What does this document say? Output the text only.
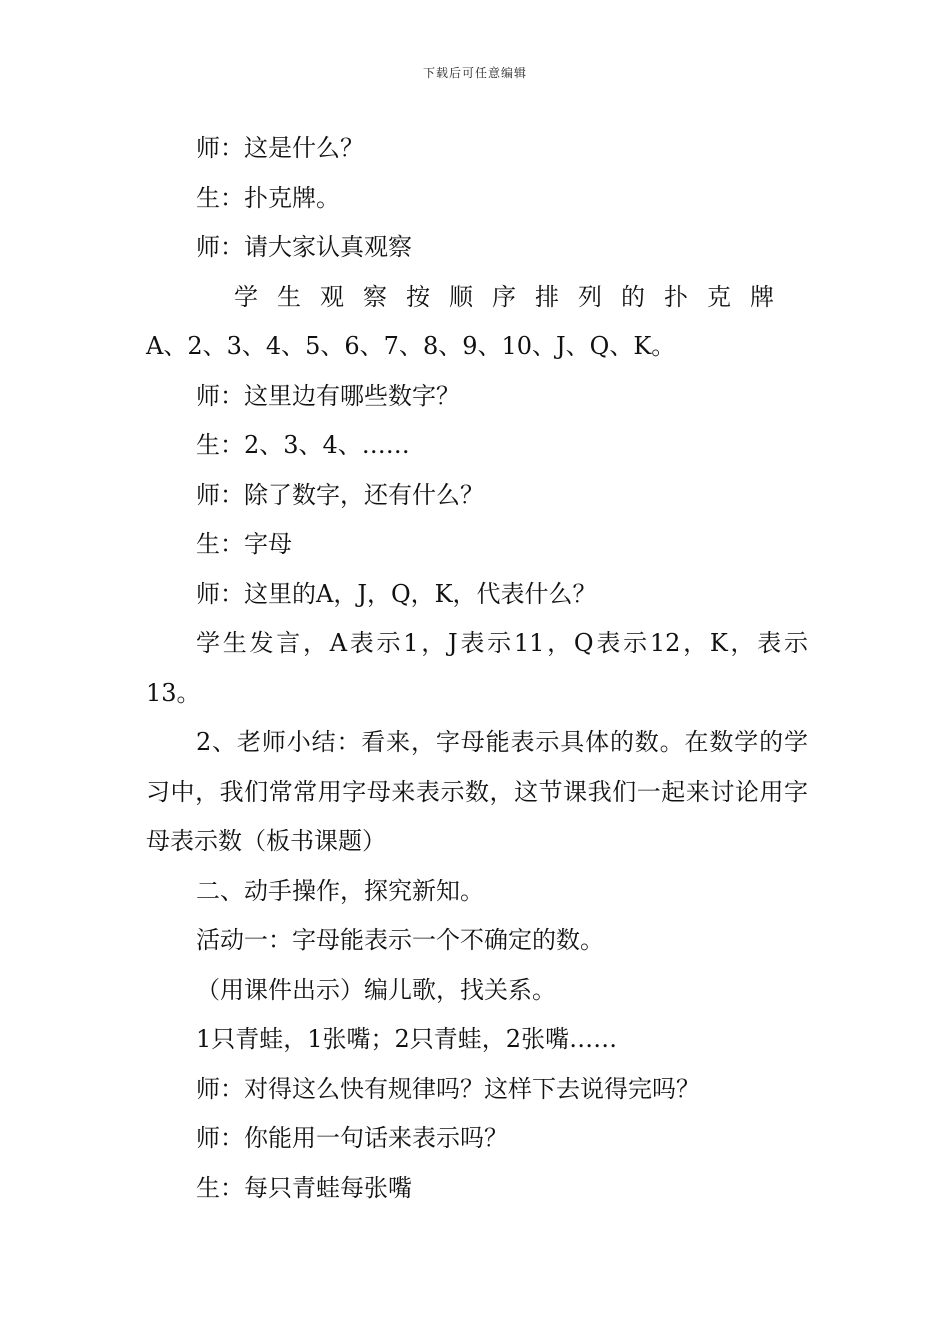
下载后可任意编辑

师：这是什么？

生：扑克牌。

师：请大家认真观察

学生观察按顺序排列的扑克牌

A、2、3、4、5、6、7、8、9、10、J、Q、K。

师：这里边有哪些数字？

生：2、3、4、……

师：除了数字，还有什么？

生：字母

师：这里的A，J，Q，K，代表什么？

学生发言，A表示1，J表示11，Q表示12，K，表示

13。

2、老师小结：看来，字母能表示具体的数。在数学的学习中，我们常常用字母来表示数，这节课我们一起来讨论用字母表示数（板书课题）

二、动手操作，探究新知。

活动一：字母能表示一个不确定的数。

（用课件出示）编儿歌，找关系。

1只青蛙，1张嘴；2只青蛙，2张嘴……

师：对得这么快有规律吗？这样下去说得完吗？

师：你能用一句话来表示吗？

生：每只青蛙每张嘴
